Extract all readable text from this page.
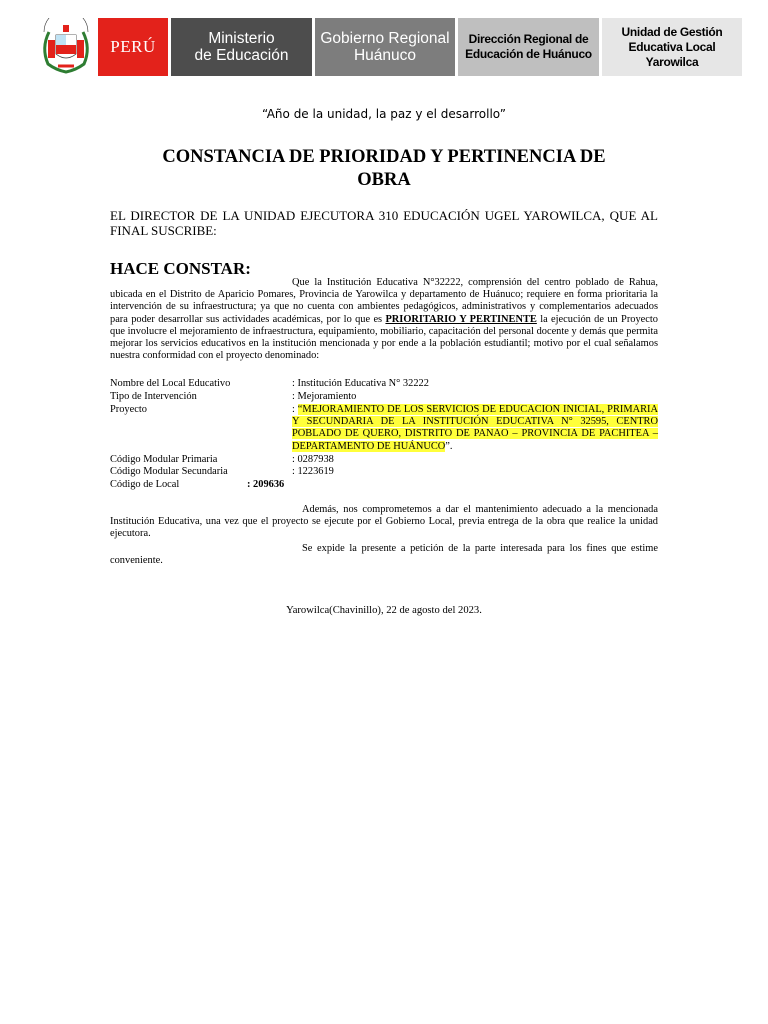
PERÚ	Ministerio
de Educación
Gobierno Regional
Huánuco
Dirección Regional de
Educación de Huánuco
Unidad de Gestión
Educativa Local
Yarowilca
“Año de la unidad, la paz y el desarrollo”
CONSTANCIA DE PRIORIDAD Y PERTINENCIA DE
OBRA
EL DIRECTOR DE LA UNIDAD EJECUTORA 310 EDUCACIÓN UGEL YAROWILCA, QUE AL FINAL SUSCRIBE:
HACE CONSTAR:
Que la Institución Educativa N°32222, comprensión del centro poblado de Rahua, ubicada en el Distrito de Aparicio Pomares, Provincia de Yarowilca y departamento de Huánuco; requiere en forma prioritaria la intervención de su infraestructura; ya que no cuenta con ambientes pedagógicos, administrativos y complementarios adecuados para poder desarrollar sus actividades académicas, por lo que es PRIORITARIO Y PERTINENTE la ejecución de un Proyecto que involucre el mejoramiento de infraestructura, equipamiento, mobiliario, capacitación del personal docente y demás que permita mejorar los servicios educativos en la institución mencionada y por ende a la población estudiantil; motivo por el cual señalamos nuestra conformidad con el proyecto denominado:
Nombre del Local Educativo	: Institución Educativa N° 32222
Tipo de Intervención	: Mejoramiento
Proyecto	: “MEJORAMIENTO DE LOS SERVICIOS DE EDUCACION INICIAL, PRIMARIA Y SECUNDARIA DE LA INSTITUCIÓN EDUCATIVA N° 32595, CENTRO POBLADO DE QUERO, DISTRITO DE PANAO – PROVINCIA DE PACHITEA – DEPARTAMENTO DE HUÁNUCO”.
Código Modular Primaria	: 0287938
Código Modular Secundaria	: 1223619
Código de Local	: 209636
Además, nos comprometemos a dar el mantenimiento adecuado a la mencionada Institución Educativa, una vez que el proyecto se ejecute por el Gobierno Local, previa entrega de la obra que realice la unidad ejecutora.
Se expide la presente a petición de la parte interesada para los fines que estime conveniente.
Yarowilca(Chavinillo), 22 de agosto del 2023.
